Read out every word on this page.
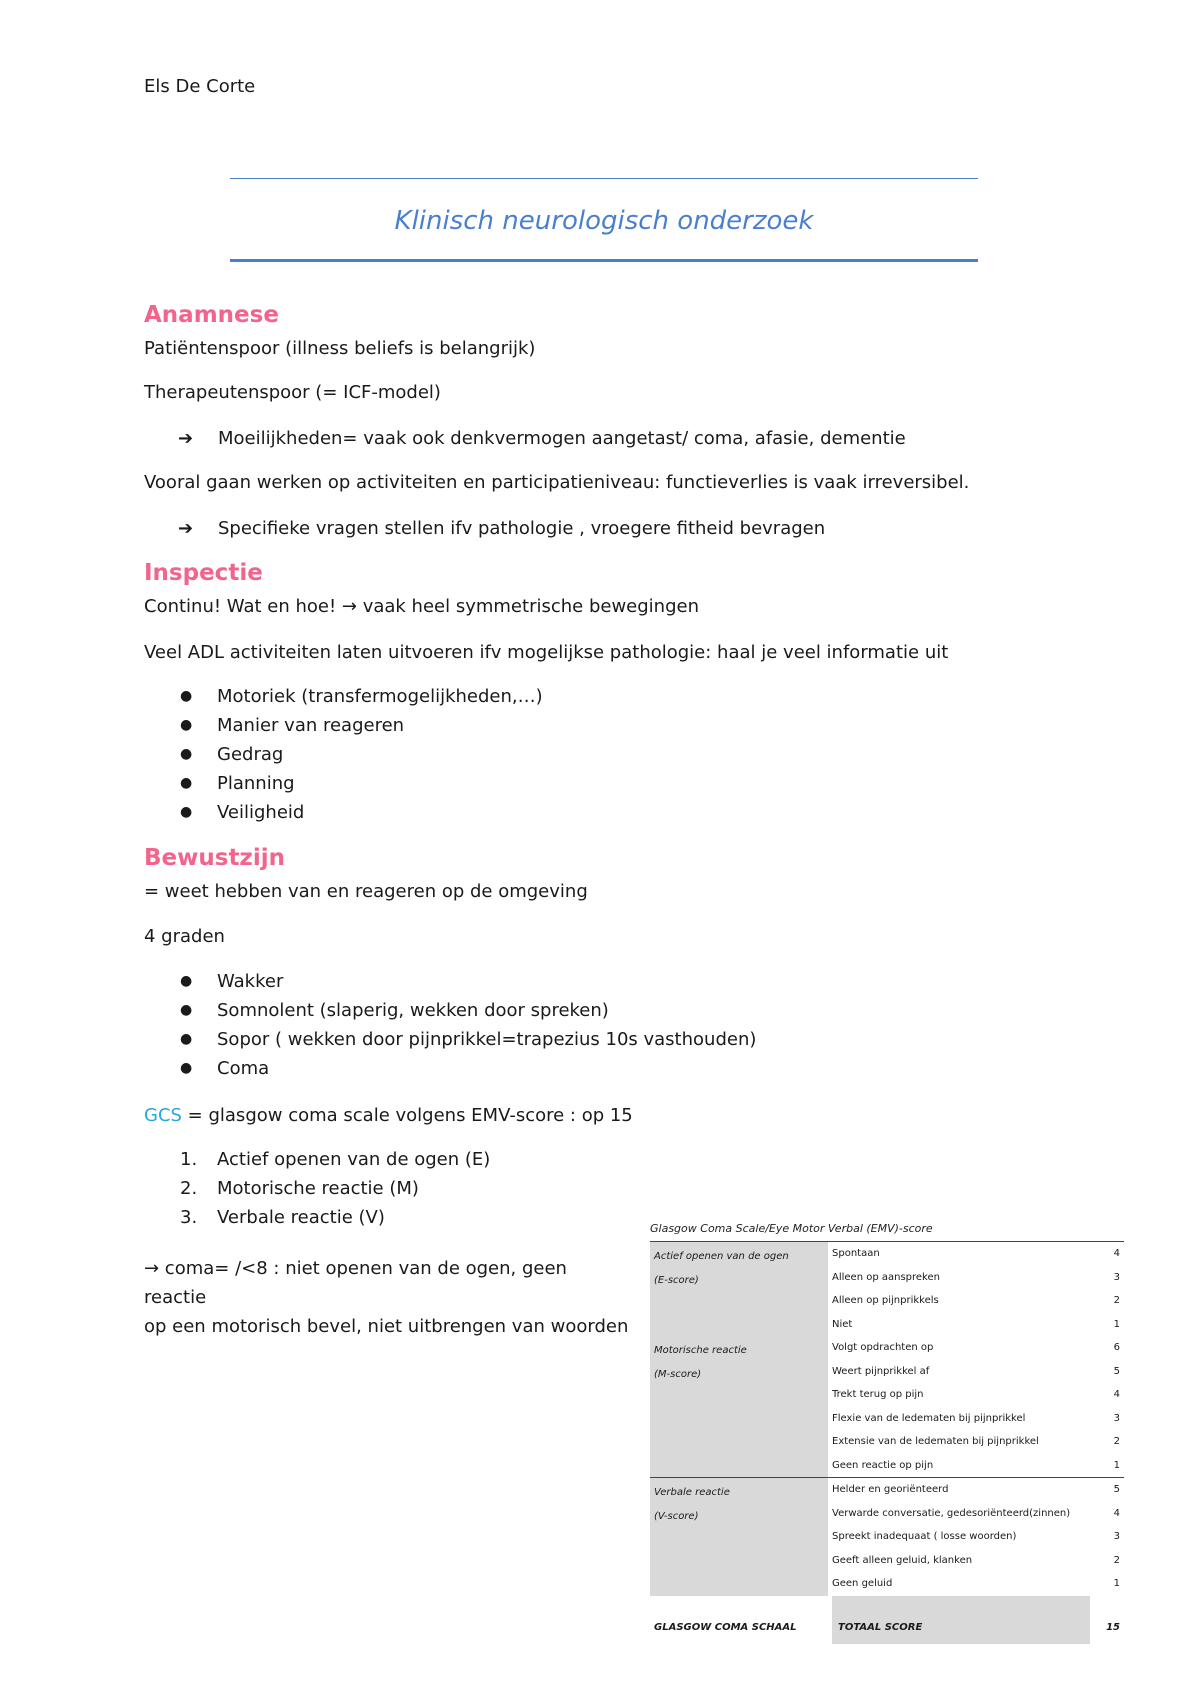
Els De Corte
Klinisch neurologisch onderzoek
Anamnese
Patiëntenspoor (illness beliefs is belangrijk)
Therapeutenspoor (= ICF-model)
➔ Moeilijkheden= vaak ook denkvermogen aangetast/ coma, afasie, dementie
Vooral gaan werken op activiteiten en participatieniveau: functieverlies is vaak irreversibel.
➔ Specifieke vragen stellen ifv pathologie , vroegere fitheid bevragen
Inspectie
Continu! Wat en hoe! → vaak heel symmetrische bewegingen
Veel ADL activiteiten laten uitvoeren ifv mogelijkse pathologie: haal je veel informatie uit
● Motoriek (transfermogelijkheden,…)
● Manier van reageren
● Gedrag
● Planning
● Veiligheid
Bewustzijn
= weet hebben van en reageren op de omgeving
4 graden
● Wakker
● Somnolent (slaperig, wekken door spreken)
● Sopor ( wekken door pijnprikkel=trapezius 10s vasthouden)
● Coma
GCS = glasgow coma scale volgens EMV-score : op 15
1. Actief openen van de ogen (E)
2. Motorische reactie (M)
3. Verbale reactie (V)
→ coma= /<8 : niet openen van de ogen, geen reactie
op een motorisch bevel, niet uitbrengen van woorden
Glasgow Coma Scale/Eye Motor Verbal (EMV)-score
Actief openen van de ogen
(E-score)	Spontaan	4
	Alleen op aanspreken	3
	Alleen op pijnprikkels	2
	Niet	1

Motorische reactie
(M-score)	Volgt opdrachten op	6
	Weert pijnprikkel af	5
	Trekt terug op pijn	4
	Flexie van de ledematen bij pijnprikkel	3
	Extensie van de ledematen bij pijnprikkel	2
	Geen reactie op pijn	1

Verbale reactie
(V-score)	Helder en georiënteerd	5
	Verwarde conversatie, gedesoriënteerd(zinnen)	4
	Spreekt inadequaat ( losse woorden)	3
	Geeft alleen geluid, klanken	2
	Geen geluid	1
GLASGOW COMA SCHAAL	TOTAAL SCORE	15
